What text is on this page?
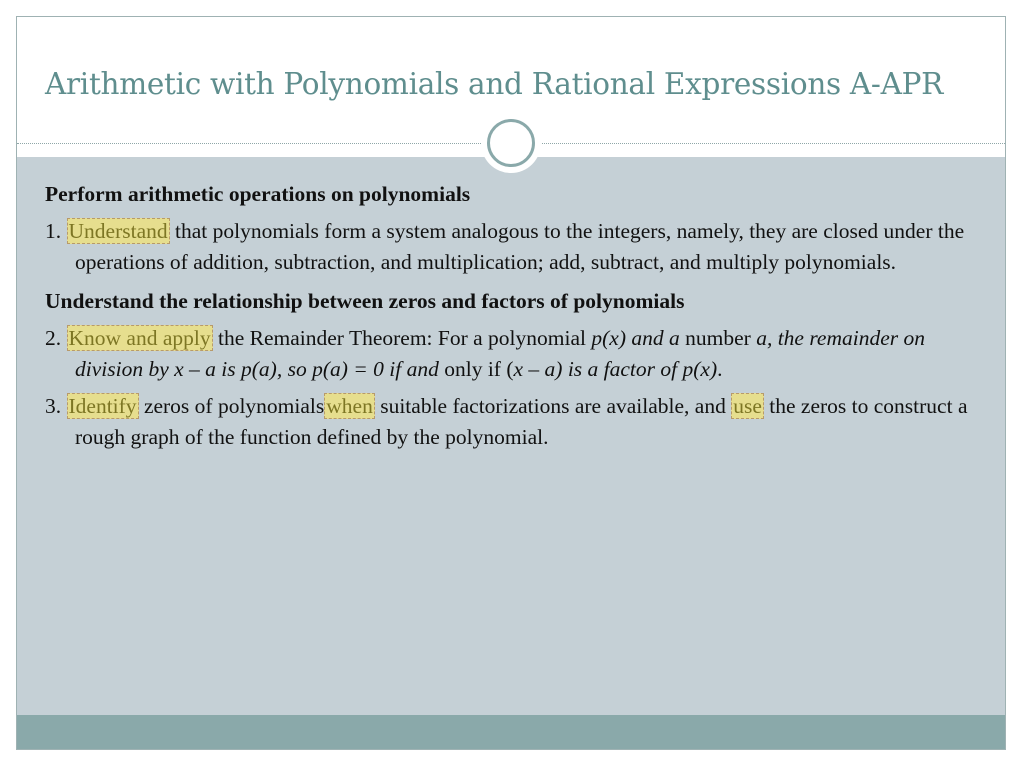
Arithmetic with Polynomials and Rational Expressions A-APR

Perform arithmetic operations on polynomials

1. Understand that polynomials form a system analogous to the integers, namely, they are closed under the operations of addition, subtraction, and multiplication; add, subtract, and multiply polynomials.

Understand the relationship between zeros and factors of polynomials

2. Know and apply the Remainder Theorem: For a polynomial p(x) and a number a, the remainder on division by x – a is p(a), so p(a) = 0 if and only if (x – a) is a factor of p(x).

3. Identify zeros of polynomialswhen suitable factorizations are available, and use the zeros to construct a rough graph of the function defined by the polynomial.
